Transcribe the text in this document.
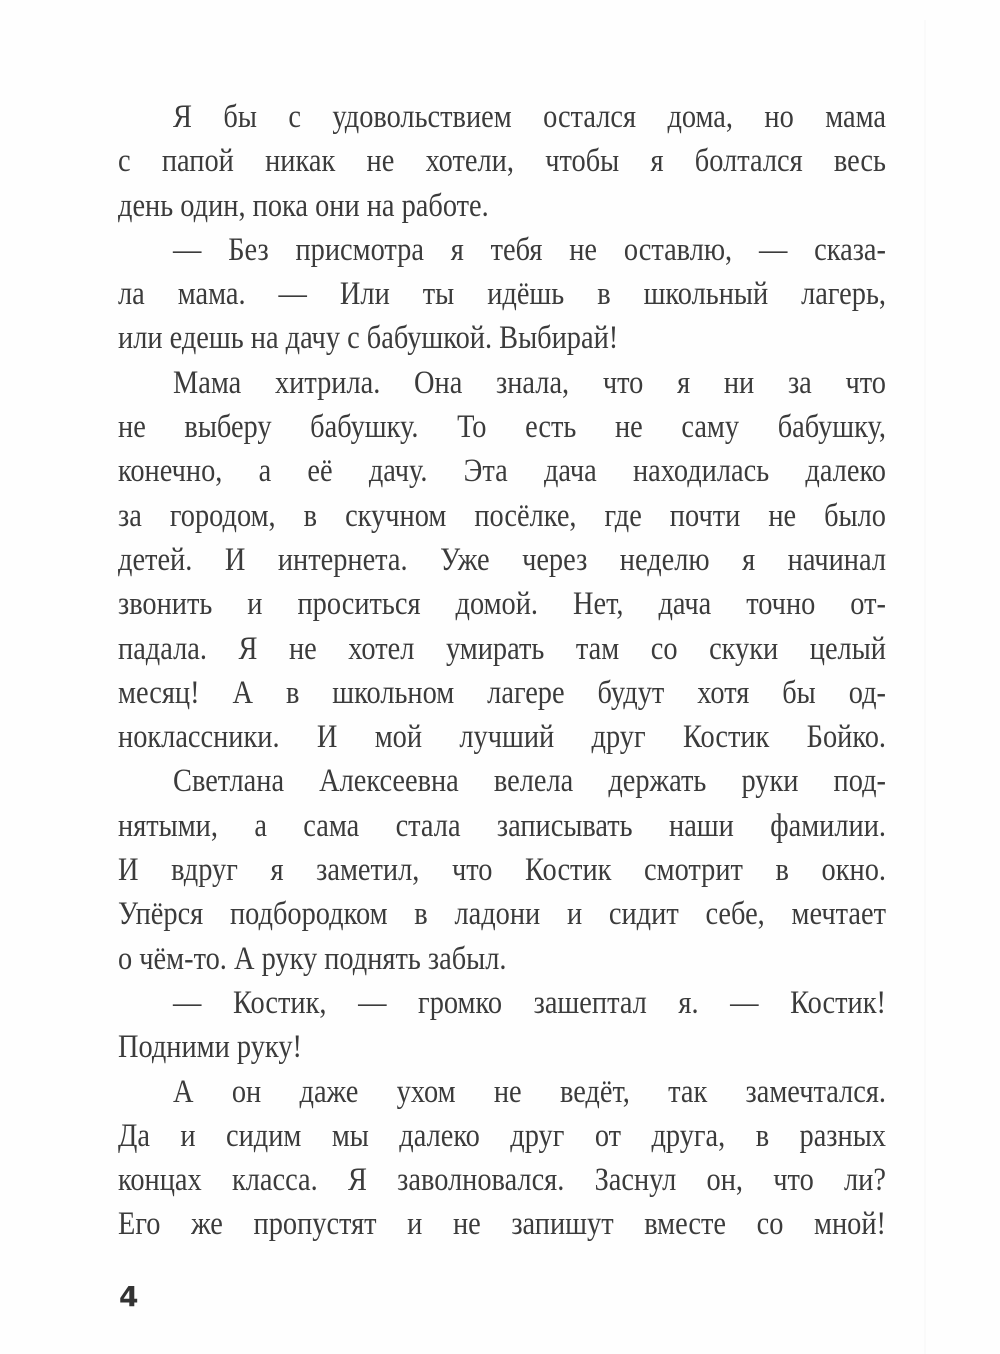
Я бы с удовольствием остался дома, но мама
с папой никак не хотели, чтобы я болтался весь
день один, пока они на работе.
— Без присмотра я тебя не оставлю, — сказа-
ла мама. — Или ты идёшь в школьный лагерь,
или едешь на дачу с бабушкой. Выбирай!
Мама хитрила. Она знала, что я ни за что
не выберу бабушку. То есть не саму бабушку,
конечно, а её дачу. Эта дача находилась далеко
за городом, в скучном посёлке, где почти не было
детей. И интернета. Уже через неделю я начинал
звонить и проситься домой. Нет, дача точно от-
падала. Я не хотел умирать там со скуки целый
месяц! А в школьном лагере будут хотя бы од-
ноклассники. И мой лучший друг Костик Бойко.
Светлана Алексеевна велела держать руки под-
нятыми, а сама стала записывать наши фамилии.
И вдруг я заметил, что Костик смотрит в окно.
Упёрся подбородком в ладони и сидит себе, мечтает
о чём-то. А руку поднять забыл.
— Костик, — громко зашептал я. — Костик!
Подними руку!
А он даже ухом не ведёт, так замечтался.
Да и сидим мы далеко друг от друга, в разных
концах класса. Я заволновался. Заснул он, что ли?
Его же пропустят и не запишут вместе со мной!
4
